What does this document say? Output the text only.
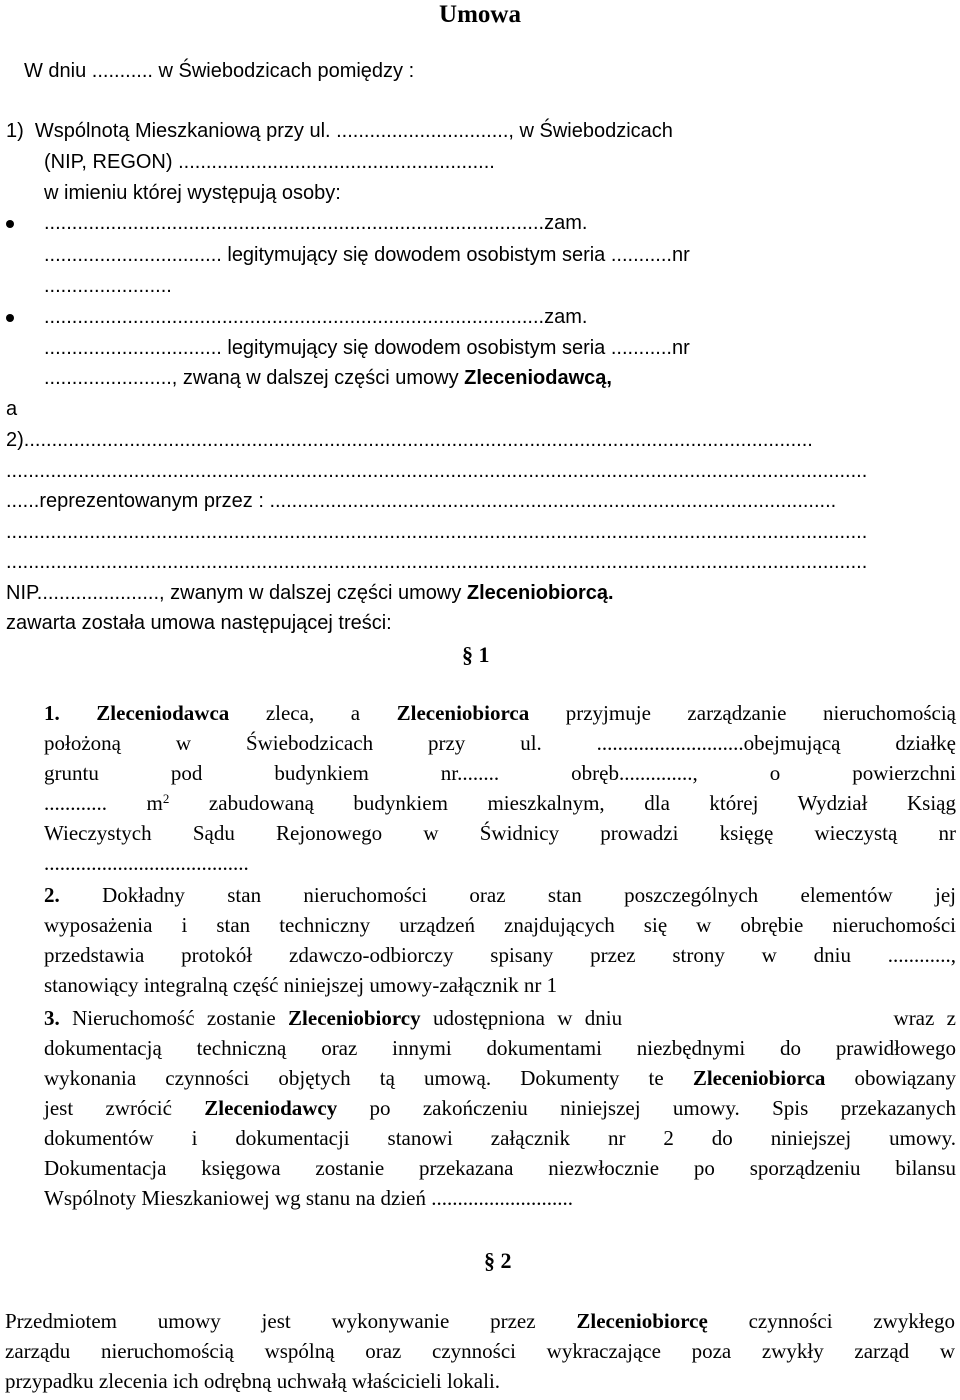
Umowa
W dniu ........... w Świebodzicach pomiędzy :
1)  Wspólnotą Mieszkaniową przy ul. ..............................., w Świebodzicach
(NIP, REGON) .........................................................
w imieniu której występują osoby:
..........................................................................................zam.
................................ legitymujący się dowodem osobistym seria ...........nr
.......................
..........................................................................................zam.
................................ legitymujący się dowodem osobistym seria ...........nr
......................., zwaną w dalszej części umowy Zleceniodawcą,
a
2)..............................................................................................................................................
...........................................................................................................................................................
......reprezentowanym przez : ......................................................................................................
...........................................................................................................................................................
...........................................................................................................................................................
NIP......................, zwanym w dalszej części umowy Zleceniobiorcą.
zawarta została umowa następującej treści:
§ 1
1. Zleceniodawca zleca, a Zleceniobiorca przyjmuje zarządzanie nieruchomością
położoną w Świebodzicach przy ul. ............................obejmującą działkę
gruntu pod budynkiem nr........ obręb.............., o powierzchni
............ $m^2$ zabudowaną budynkiem mieszkalnym, dla której Wydział Ksiąg
Wieczystych Sądu Rejonowego w Świdnicy prowadzi księgę wieczystą nr
.......................................
2. Dokładny stan nieruchomości oraz stan poszczególnych elementów jej
wyposażenia i stan techniczny urządzeń znajdujących się w obrębie nieruchomości
przedstawia protokół zdawczo-odbiorczy spisany przez strony w dniu ............,
stanowiący integralną część niniejszej umowy-załącznik nr 1
3. Nieruchomość zostanie Zleceniobiorcy udostępniona w dniu                      wraz z
dokumentacją techniczną oraz innymi dokumentami niezbędnymi do prawidłowego
wykonania czynności objętych tą umową. Dokumenty te Zleceniobiorca obowiązany
jest zwrócić Zleceniodawcy po zakończeniu niniejszej umowy. Spis przekazanych
dokumentów i dokumentacji stanowi załącznik nr 2 do niniejszej umowy.
Dokumentacja księgowa zostanie przekazana niezwłocznie po sporządzeniu bilansu
Wspólnoty Mieszkaniowej wg stanu na dzień ...........................
§ 2
Przedmiotem umowy jest wykonywanie przez Zleceniobiorcę czynności zwykłego
zarządu nieruchomością wspólną oraz czynności wykraczające poza zwykły zarząd w
przypadku zlecenia ich odrębną uchwałą właścicieli lokali.
